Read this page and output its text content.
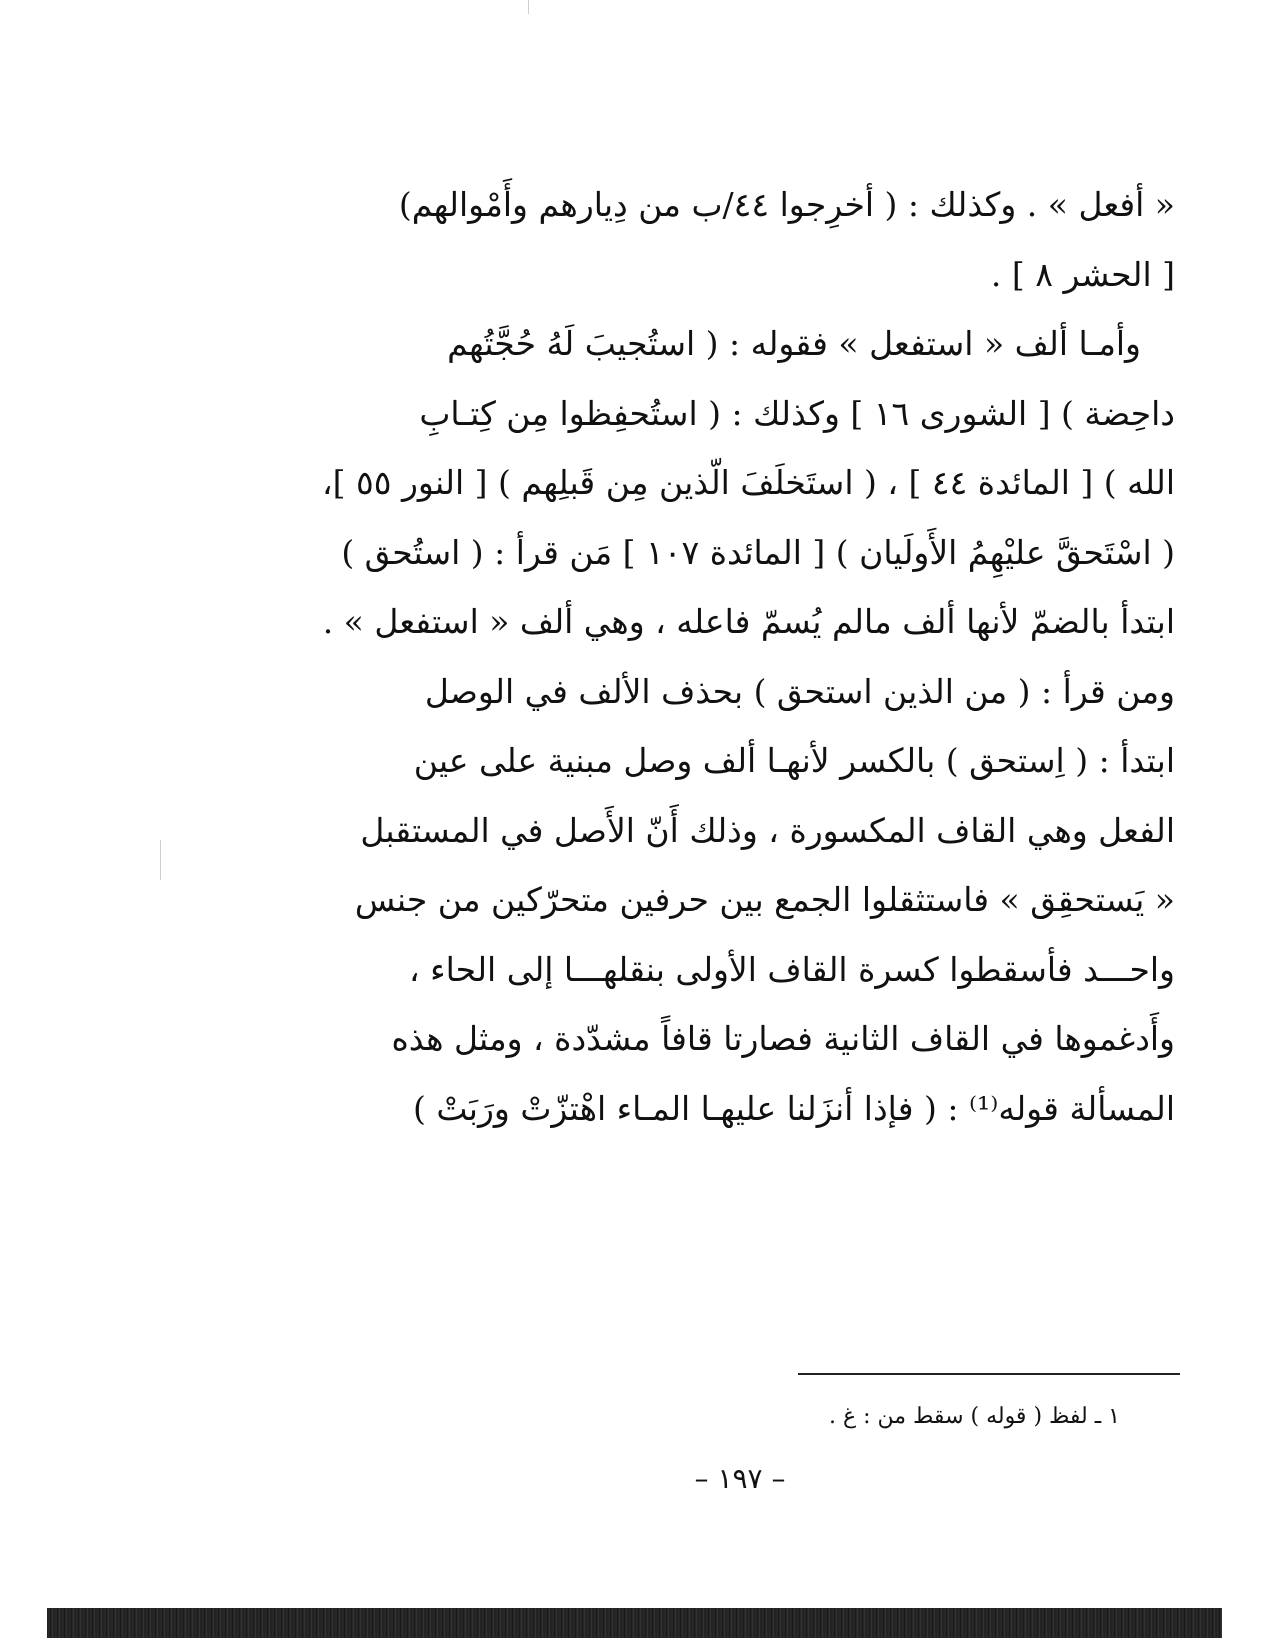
« أفعل » . وكذلك : ( أخرِجوا ٤٤/ب من دِيارهم وأَمْوالهم)
[ الحشر ٨ ] .
وأمـا ألف « استفعل » فقوله : ( استُجيبَ لَهُ حُجَّتُهم
داحِضة ) [ الشورى ١٦ ] وكذلك : ( استُحفِظوا مِن كِتـابِ
الله ) [ المائدة ٤٤ ] ، ( استَخلَفَ الّذين مِن قَبلِهم ) [ النور ٥٥ ]،
( اسْتَحقَّ عليْهِمُ الأَولَيان ) [ المائدة ١٠٧ ] مَن قرأ : ( استُحق )
ابتدأ بالضمّ لأنها ألف مالم يُسمّ فاعله ، وهي ألف « استفعل » .
ومن قرأ : ( من الذين استحق ) بحذف الألف في الوصل
ابتدأ : ( اِستحق ) بالكسر لأنهـا ألف وصل مبنية على عين
الفعل وهي القاف المكسورة ، وذلك أَنّ الأَصل في المستقبل
« يَستحقِق » فاستثقلوا الجمع بين حرفين متحرّكين من جنس
واحـــد فأسقطوا كسرة القاف الأولى بنقلهـــا إلى الحاء ،
وأَدغموها في القاف الثانية فصارتا قافاً مشدّدة ، ومثل هذه
المسألة قوله⁽¹⁾ : ( فإذا أنزَلنا عليهـا المـاء اهْتزّتْ ورَبَتْ )
١ ـ لفظ ( قوله ) سقط من : غ .
– ١٩٧ –
